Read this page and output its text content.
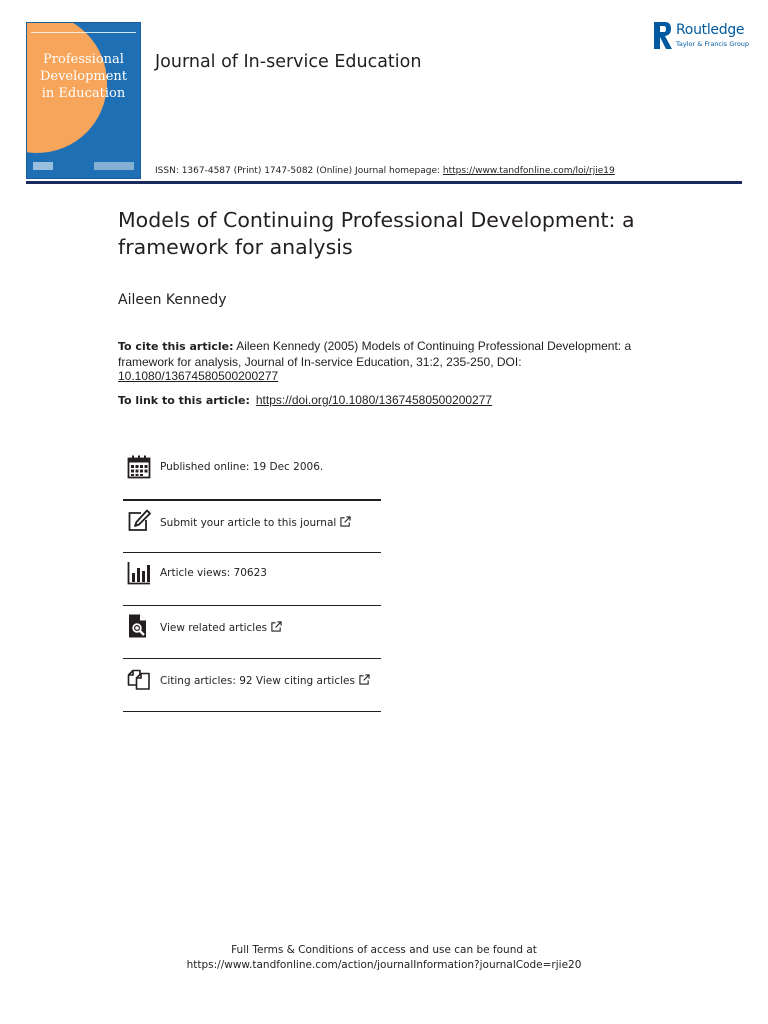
Professional
Development
in Education
Journal of In-service Education
Routledge
Taylor & Francis Group
ISSN: 1367-4587 (Print) 1747-5082 (Online) Journal homepage: https://www.tandfonline.com/loi/rjie19
Models of Continuing Professional Development: a
framework for analysis
Aileen Kennedy
To cite this article: Aileen Kennedy (2005) Models of Continuing Professional Development: a framework for analysis, Journal of In-service Education, 31:2, 235-250, DOI:
10.1080/13674580500200277
To link to this article: https://doi.org/10.1080/13674580500200277
Published online: 19 Dec 2006.
Submit your article to this journal
Article views: 70623
View related articles
Citing articles: 92 View citing articles
Full Terms & Conditions of access and use can be found at
https://www.tandfonline.com/action/journalInformation?journalCode=rjie20
